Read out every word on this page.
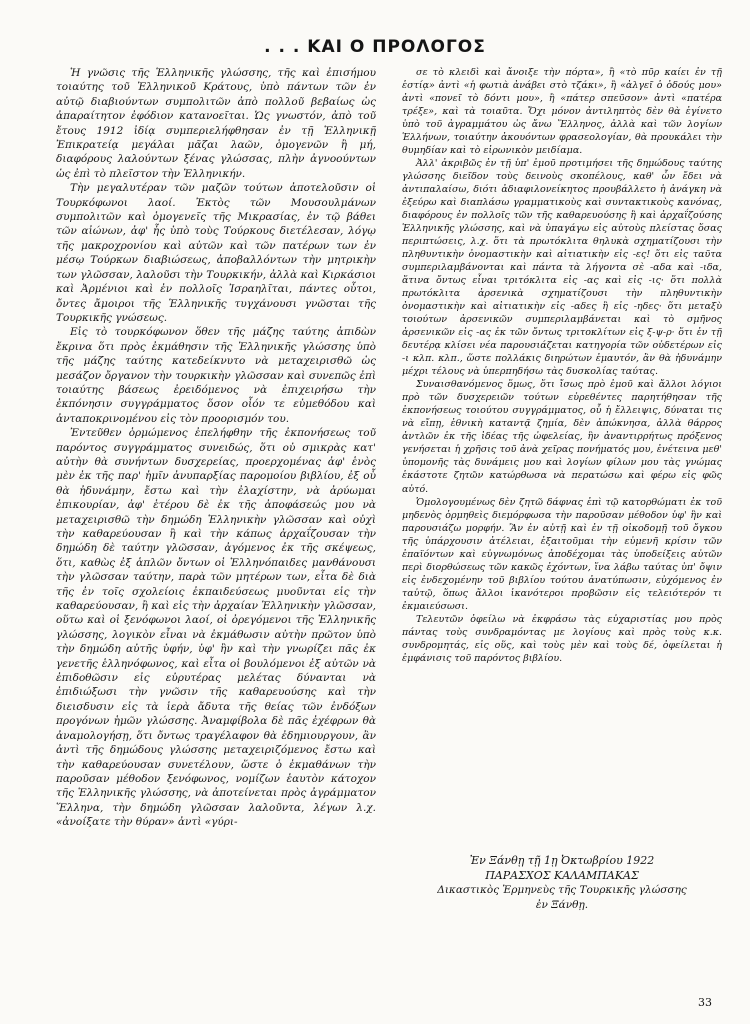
. . . ΚΑΙ Ο ΠΡΟΛΟΓΟΣ

Ἡ γνῶσις τῆς Ἑλληνικῆς γλώσσης, τῆς καὶ ἐπισήμου τοιαύτης τοῦ Ἑλληνικοῦ Κράτους, ὑπὸ πάντων τῶν ἐν αὐτῷ διαβιούντων συμπολιτῶν ἀπὸ πολλοῦ βεβαίως ὡς ἀπαραίτητον ἐφόδιον κατανοεῖται. Ὡς γνωστόν, ἀπὸ τοῦ ἔτους 1912 ἰδίᾳ συμπεριελήφθησαν ἐν τῇ Ἑλληνικῇ Ἐπικρατείᾳ μεγάλαι μᾶζαι λαῶν, ὁμογενῶν ἢ μή, διαφόρους λαλούντων ξένας γλώσσας, πλὴν ἀγνοούντων ὡς ἐπὶ τὸ πλεῖστον τὴν Ἑλληνικήν.

Τὴν μεγαλυτέραν τῶν μαζῶν τούτων ἀποτελοῦσιν οἱ Τουρκόφωνοι λαοί. Ἐκτὸς τῶν Μουσουλμάνων συμπολιτῶν καὶ ὁμογενεῖς τῆς Μικρασίας, ἐν τῷ βάθει τῶν αἰώνων, ἀφ' ἧς ὑπὸ τοὺς Τούρκους διετέλεσαν, λόγῳ τῆς μακροχρονίου καὶ αὐτῶν καὶ τῶν πατέρων των ἐν μέσῳ Τούρκων διαβιώσεως, ἀποβαλλόντων τὴν μητρικὴν των γλῶσσαν, λαλοῦσι τὴν Τουρκικήν, ἀλλὰ καὶ Κιρκάσιοι καὶ Ἀρμένιοι καὶ ἐν πολλοῖς Ἰσραηλῖται, πάντες οὗτοι, ὄντες ἄμοιροι τῆς Ἑλληνικῆς τυγχάνουσι γνῶσται τῆς Τουρκικῆς γνώσεως.

Εἰς τὸ τουρκόφωνον ὅθεν τῆς μάζης ταύτης ἀπιδὼν ἔκρινα ὅτι πρὸς ἐκμάθησιν τῆς Ἑλληνικῆς γλώσσης ὑπὸ τῆς μάζης ταύτης κατεδείκνυτο νὰ μεταχειρισθῶ ὡς μεσάζον ὄργανον τὴν τουρκικὴν γλῶσσαν καὶ συνεπῶς ἐπὶ τοιαύτης βάσεως ἐρειδόμενος νὰ ἐπιχειρήσω τὴν ἐκπόνησιν συγγράμματος ὅσον οἷόν τε εὐμεθόδου καὶ ἀνταποκρινομένου εἰς τὸν προορισμόν του.

Ἐντεῦθεν ὁρμώμενος ἐπελήφθην τῆς ἐκπονήσεως τοῦ παρόντος συγγράμματος συνειδώς, ὅτι οὐ σμικρὰς κατ' αὐτὴν θὰ συνήντων δυσχερείας, προερχομένας ἀφ' ἑνὸς μὲν ἐκ τῆς παρ' ἡμῖν ἀνυπαρξίας παρομοίου βιβλίου, ἐξ οὗ θὰ ἠδυνάμην, ἔστω καὶ τὴν ἐλαχίστην, νὰ ἀρύωμαι ἐπικουρίαν, ἀφ' ἑτέρου δὲ ἐκ τῆς ἀποφάσεώς μου νὰ μεταχειρισθῶ τὴν δημώδη Ἑλληνικὴν γλῶσσαν καὶ οὐχὶ τὴν καθαρεύουσαν ἢ καὶ τὴν κάπως ἀρχαΐζουσαν τὴν δημώδη δὲ ταύτην γλῶσσαν, ἀγόμενος ἐκ τῆς σκέψεως, ὅτι, καθὼς ἐξ ἁπλῶν ὄντων οἱ Ἑλληνόπαιδες μανθάνουσι τὴν γλῶσσαν ταύτην, παρὰ τῶν μητέρων των, εἶτα δὲ διὰ τῆς ἐν τοῖς σχολείοις ἐκπαιδεύσεως μυοῦνται εἰς τὴν καθαρεύουσαν, ἢ καὶ εἰς τὴν ἀρχαίαν Ἑλληνικὴν γλῶσσαν, οὕτω καὶ οἱ ξενόφωνοι λαοί, οἱ ὀρεγόμενοι τῆς Ἑλληνικῆς γλώσσης, λογικὸν εἶναι νὰ ἐκμάθωσιν αὐτὴν πρῶτον ὑπὸ τὴν δημώδη αὐτῆς ὑφήν, ὑφ' ἣν καὶ τὴν γνωρίζει πᾶς ἐκ γενετῆς ἑλληνόφωνος, καὶ εἶτα οἱ βουλόμενοι ἐξ αὐτῶν νὰ ἐπιδοθῶσιν εἰς εὐρυτέρας μελέτας δύνανται νὰ ἐπιδιώξωσι τὴν γνῶσιν τῆς καθαρευούσης καὶ τὴν διεισδυσιν εἰς τὰ ἱερὰ ἄδυτα τῆς θείας τῶν ἐνδόξων προγόνων ἡμῶν γλώσσης. Ἀναμφίβολα δὲ πᾶς ἐχέφρων θὰ ἀναμολογήσῃ, ὅτι ὄντως τραγέλαφον θὰ ἐδημιουργουν, ἂν ἀντὶ τῆς δημώδους γλώσσης μεταχειριζόμενος ἔστω καὶ τὴν καθαρεύουσαν συνετέλουν, ὥστε ὁ ἐκμαθάνων τὴν παροῦσαν μέθοδον ξενόφωνος, νομίζων ἑαυτὸν κάτοχον τῆς Ἑλληνικῆς γλώσσης, νὰ ἀποτείνεται πρὸς ἀγράμματον Ἕλληνα, τὴν δημώδη γλῶσσαν λαλοῦντα, λέγων λ.χ. «ἀνοίξατε τὴν θύραν» ἀντὶ «γύρι-

σε τὸ κλειδὶ καὶ ἄνοιξε τὴν πόρτα», ἢ «τὸ πῦρ καίει ἐν τῇ ἑστίᾳ» ἀντὶ «ἡ φωτιὰ ἀνάβει στὸ τζάκι», ἢ «ἀλγεῖ ὁ ὀδούς μου» ἀντὶ «πονεῖ τὸ δόντι μου», ἢ «πάτερ σπεῦσον» ἀντὶ «πατέρα τρέξε», καὶ τὰ τοιαῦτα. Ὄχι μόνον ἀντιληπτὸς δὲν θὰ ἐγίνετο ὑπὸ τοῦ ἀγραμμάτου ὡς ἄνω Ἕλληνος, ἀλλὰ καὶ τῶν λογίων Ἑλλήνων, τοιαύτην ἀκουόντων φρασεολογίαν, θὰ προυκάλει τὴν θυμηδίαν καὶ τὸ εἰρωνικὸν μειδίαμα.

Ἀλλ' ἀκριβῶς ἐν τῇ ὑπ' ἐμοῦ προτιμήσει τῆς δημώδους ταύτης γλώσσης διεῖδον τοὺς δεινοὺς σκοπέλους, καθ' ὧν ἔδει νὰ ἀντιπαλαίσω, διότι ἀδιαφιλονείκητος προυβάλλετο ἡ ἀνάγκη νὰ ἐξεύρω καὶ διαπλάσω γραμματικοὺς καὶ συντακτικοὺς κανόνας, διαφόρους ἐν πολλοῖς τῶν τῆς καθαρευούσης ἢ καὶ ἀρχαΐζούσης Ἑλληνικῆς γλώσσης, καὶ νὰ ὑπαγάγω εἰς αὐτοὺς πλείστας ὅσας περιπτώσεις, λ.χ. ὅτι τὰ πρωτόκλιτα θηλυκὰ σχηματίζουσι τὴν πληθυντικὴν ὀνομαστικὴν καὶ αἰτιατικὴν εἰς -ες! ὅτι εἰς ταῦτα συμπεριλαμβάνονται καὶ πάντα τὰ λήγοντα σὲ -αδα καὶ -ιδα, ἅτινα ὄντως εἶναι τριτόκλιτα εἰς -ας καὶ εἰς -ις· ὅτι πολλὰ πρωτόκλιτα ἀρσενικὰ σχηματίζουσι τὴν πληθυντικὴν ὀνομαστικὴν καὶ αἰτιατικὴν εἰς -αδες ἢ εἰς -ηδες· ὅτι μεταξὺ τοιούτων ἀρσενικῶν συμπεριλαμβάνεται καὶ τὸ σμῆνος ἀρσενικῶν εἰς -ας ἐκ τῶν ὄντως τριτοκλίτων εἰς ξ-ψ-ρ· ὅτι ἐν τῇ δευτέρᾳ κλίσει νέα παρουσιάζεται κατηγορία τῶν οὐδετέρων εἰς -ι κλπ. κλπ., ὥστε πολλάκις διηρώτων ἐμαυτόν, ἂν θὰ ἠδυνάμην μέχρι τέλους νὰ ὑπερπηδήσω τὰς δυσκολίας ταύτας.

Συναισθανόμενος ὅμως, ὅτι ἴσως πρὸ ἐμοῦ καὶ ἄλλοι λόγιοι πρὸ τῶν δυσχερειῶν τούτων εὑρεθέντες παρητήθησαν τῆς ἐκπονήσεως τοιούτου συγγράμματος, οὗ ἡ ἔλλειψις, δύναται τις νὰ εἴπῃ, ἐθνικὴ καταντᾷ ζημία, δὲν ἀπώκνησα, ἀλλὰ θάρρος ἀντλῶν ἐκ τῆς ἰδέας τῆς ὠφελείας, ἣν ἀναντιρρήτως πρόξενος γενήσεται ἡ χρῆσις τοῦ ἀνὰ χεῖρας πονήματός μου, ἐνέτεινα μεθ' ὑπομονῆς τὰς δυνάμεις μου καὶ λογίων φίλων μου τὰς γνώμας ἑκάστοτε ζητῶν κατώρθωσα νὰ περατώσω καὶ φέρω εἰς φῶς αὐτό.

Ὁμολογουμένως δὲν ζητῶ δάφνας ἐπὶ τῷ κατορθώματι ἐκ τοῦ μηδενὸς ὁρμηθεὶς διεμόρφωσα τὴν παροῦσαν μέθοδον ὑφ' ἣν καὶ παρουσιάζω μορφήν. Ἂν ἐν αὐτῇ καὶ ἐν τῇ οἰκοδομῇ τοῦ ὄγκου τῆς ὑπάρχουσιν ἀτέλειαι, ἐξαιτοῦμαι τὴν εὐμενῆ κρίσιν τῶν ἐπαϊόντων καὶ εὐγνωμόνως ἀποδέχομαι τὰς ὑποδείξεις αὐτῶν περὶ διορθώσεως τῶν κακῶς ἐχόντων, ἵνα λάβω ταύτας ὑπ' ὄψιν εἰς ἐνδεχομένην τοῦ βιβλίου τούτου ἀνατύπωσιν, εὐχόμενος ἐν ταὐτῷ, ὅπως ἄλλοι ἱκανότεροι προβῶσιν εἰς τελειότερόν τι ἐκμαιεύσωσι.

Τελευτῶν ὀφείλω νὰ ἐκφράσω τὰς εὐχαριστίας μου πρὸς πάντας τοὺς συνδραμόντας με λογίους καὶ πρὸς τοὺς κ.κ. συνδρομητάς, εἰς οὕς, καὶ τοὺς μὲν καὶ τοὺς δέ, ὀφείλεται ἡ ἐμφάνισις τοῦ παρόντος βιβλίου.

Ἐν Ξάνθῃ τῇ 1ῃ Ὀκτωβρίου 1922
ΠΑΡΑΣΧΟΣ ΚΑΛΑΜΠΑΚΑΣ
Δικαστικὸς Ἑρμηνεὺς τῆς Τουρκικῆς γλώσσης
ἐν Ξάνθῃ.
33
